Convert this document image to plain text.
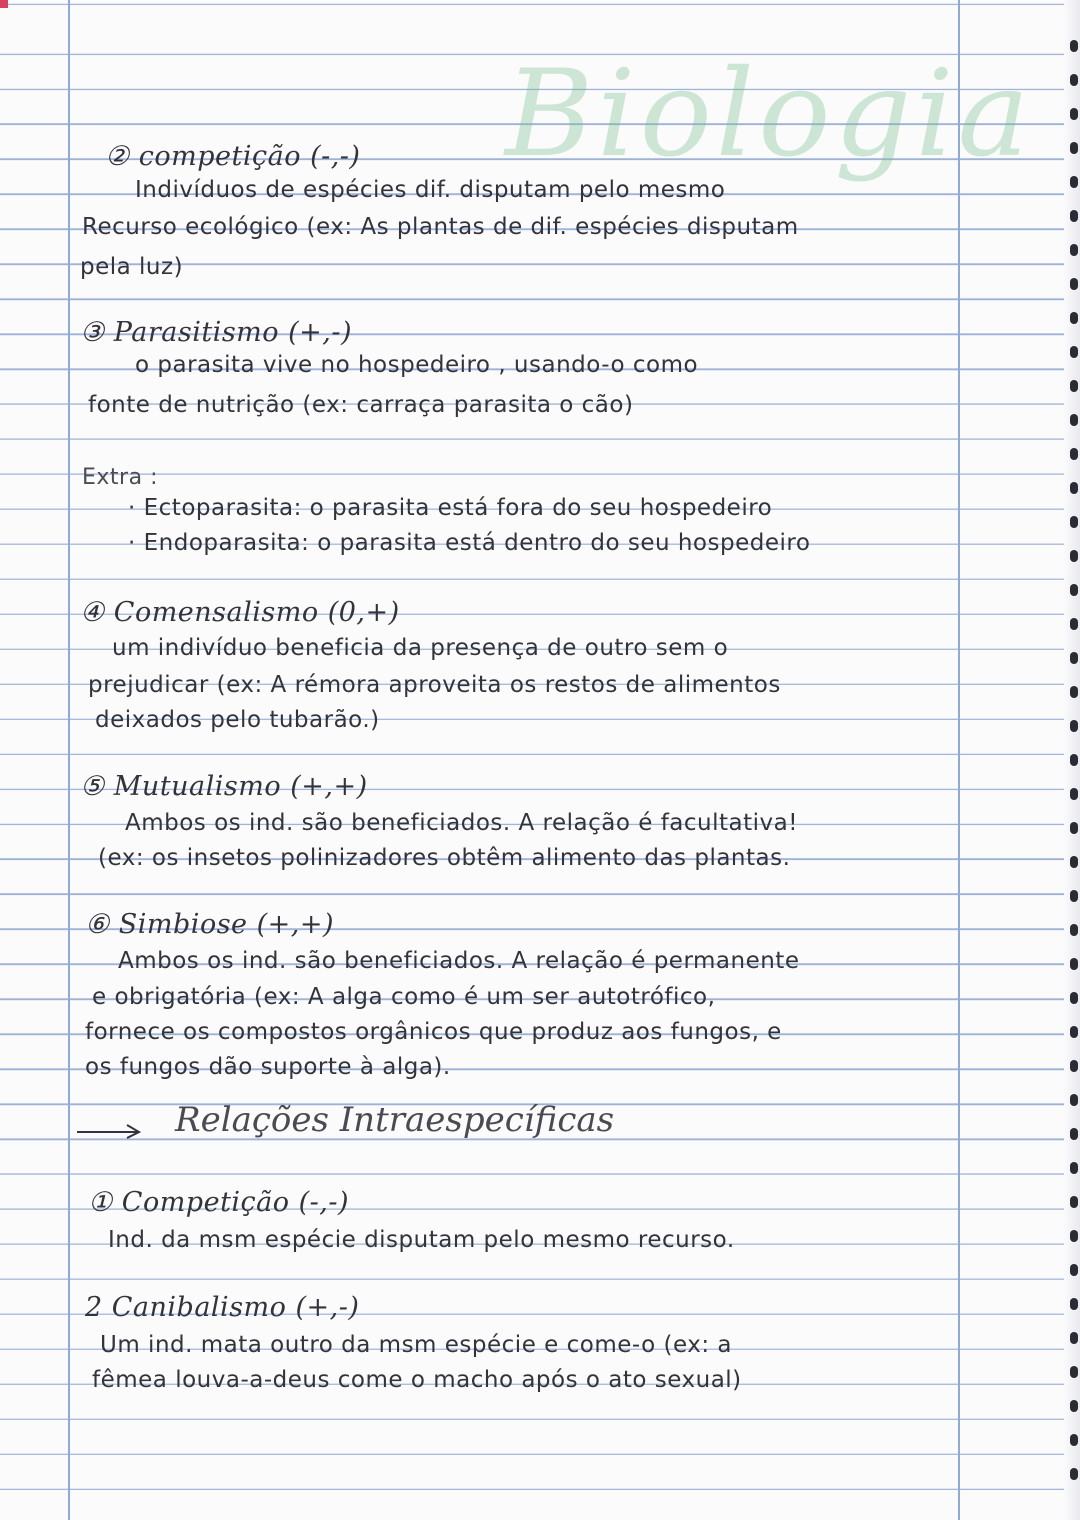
Biologia
② competição (-,-)
Indivíduos de espécies dif. disputam pelo mesmo
Recurso ecológico (ex: As plantas de dif. espécies disputam
pela luz)
③ Parasitismo (+,-)
o parasita vive no hospedeiro , usando-o como
fonte de nutrição (ex: carraça parasita o cão)
Extra :
· Ectoparasita: o parasita está fora do seu hospedeiro
· Endoparasita: o parasita está dentro do seu hospedeiro
④ Comensalismo (0,+)
um indivíduo beneficia da presença de outro sem o
prejudicar (ex: A rémora aproveita os restos de alimentos
deixados pelo tubarão.)
⑤ Mutualismo (+,+)
Ambos os ind. são beneficiados. A relação é facultativa!
(ex: os insetos polinizadores obtêm alimento das plantas.
⑥ Simbiose (+,+)
Ambos os ind. são beneficiados. A relação é permanente
e obrigatória (ex: A alga como é um ser autotrófico,
fornece os compostos orgânicos que produz aos fungos, e
os fungos dão suporte à alga).
① Competição (-,-)
Ind. da msm espécie disputam pelo mesmo recurso.
2 Canibalismo (+,-)
Um ind. mata outro da msm espécie e come-o (ex: a
fêmea louva-a-deus come o macho após o ato sexual)
Relações Intraespecíficas
